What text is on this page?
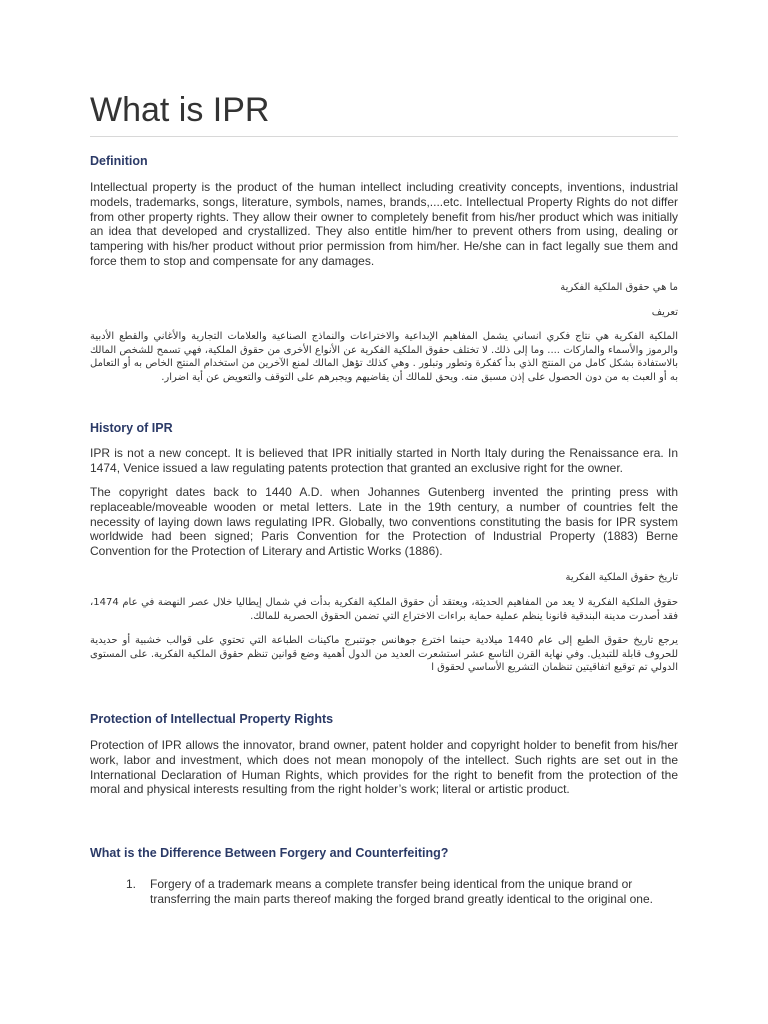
What is IPR
Definition

Intellectual property is the product of the human intellect including creativity concepts, inventions, industrial models, trademarks, songs, literature, symbols, names, brands,....etc. Intellectual Property Rights do not differ from other property rights. They allow their owner to completely benefit from his/her product which was initially an idea that developed and crystallized. They also entitle him/her to prevent others from using, dealing or tampering with his/her product without prior permission from him/her. He/she can in fact legally sue them and force them to stop and compensate for any damages.

ما هي حقوق الملكية الفكرية

تعريف

الملكية الفكرية هي نتاج فكري انساني يشمل المفاهيم الإبداعية والاختراعات والنماذج الصناعية والعلامات التجارية والأغاني والقطع الأدبية والرموز والأسماء والماركات .... وما إلى ذلك. لا تختلف حقوق الملكية الفكرية عن الأنواع الأخرى من حقوق الملكية، فهي تسمح للشخص المالك بالاستفادة بشكل كامل من المنتج الذي بدأ كفكرة وتطور وتبلور . وهي كذلك تؤهل المالك لمنع الآخرين من استخدام المنتج الخاص به أو التعامل به أو العبث به من دون الحصول على إذن مسبق منه. ويحق للمالك أن يقاضيهم ويجبرهم على التوقف والتعويض عن أية اضرار.

History of IPR

IPR is not a new concept. It is believed that IPR initially started in North Italy during the Renaissance era. In 1474, Venice issued a law regulating patents protection that granted an exclusive right for the owner.

The copyright dates back to 1440 A.D. when Johannes Gutenberg invented the printing press with replaceable/moveable wooden or metal letters. Late in the 19th century, a number of countries felt the necessity of laying down laws regulating IPR. Globally, two conventions constituting the basis for IPR system worldwide had been signed; Paris Convention for the Protection of Industrial Property (1883) Berne Convention for the Protection of Literary and Artistic Works (1886).

تاريخ حقوق الملكية الفكرية

حقوق الملكية الفكرية لا يعد من المفاهيم الحديثة، ويعتقد أن حقوق الملكية الفكرية بدأت في شمال إيطاليا خلال عصر النهضة في عام 1474، فقد أصدرت مدينة البندقية قانونا ينظم عملية حماية براءات الاختراع التي تضمن الحقوق الحصرية للمالك.

يرجع تاريخ حقوق الطبع إلى عام 1440 ميلادية حينما اخترع جوهانس جوتنبرج ماكينات الطباعة التي تحتوي على قوالب خشبية أو حديدية للحروف قابلة للتبديل. وفي نهاية القرن التاسع عشر استشعرت العديد من الدول أهمية وضع قوانين تنظم حقوق الملكية الفكرية. على المستوى الدولي تم توقيع اتفاقيتين تنظمان التشريع الأساسي لحقوق ا

Protection of Intellectual Property Rights

Protection of IPR allows the innovator, brand owner, patent holder and copyright holder to benefit from his/her work, labor and investment, which does not mean monopoly of the intellect. Such rights are set out in the International Declaration of Human Rights, which provides for the right to benefit from the protection of the moral and physical interests resulting from the right holder’s work; literal or artistic product.

What is the Difference Between Forgery and Counterfeiting?
1. Forgery of a trademark means a complete transfer being identical from the unique brand or transferring the main parts thereof making the forged brand greatly identical to the original one.
